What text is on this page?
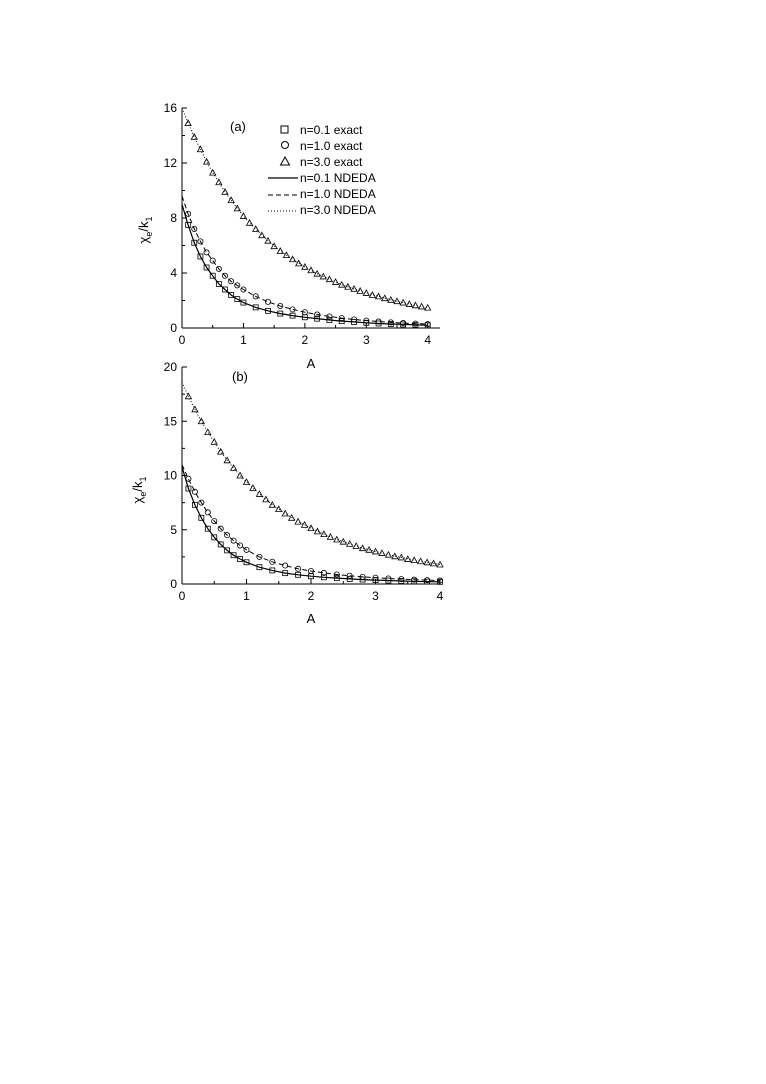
(a)
A
$\chi_e/k_1$
n=0.1 exact
n=1.0 exact
n=3.0 exact
n=0.1 NDEDA
n=1.0 NDEDA
n=3.0 NDEDA
0	1	2	3	4
0
4
8
12
16
(b)
A
$\chi_e/k_1$
0	1	2	3	4
0
5
10
15
20
